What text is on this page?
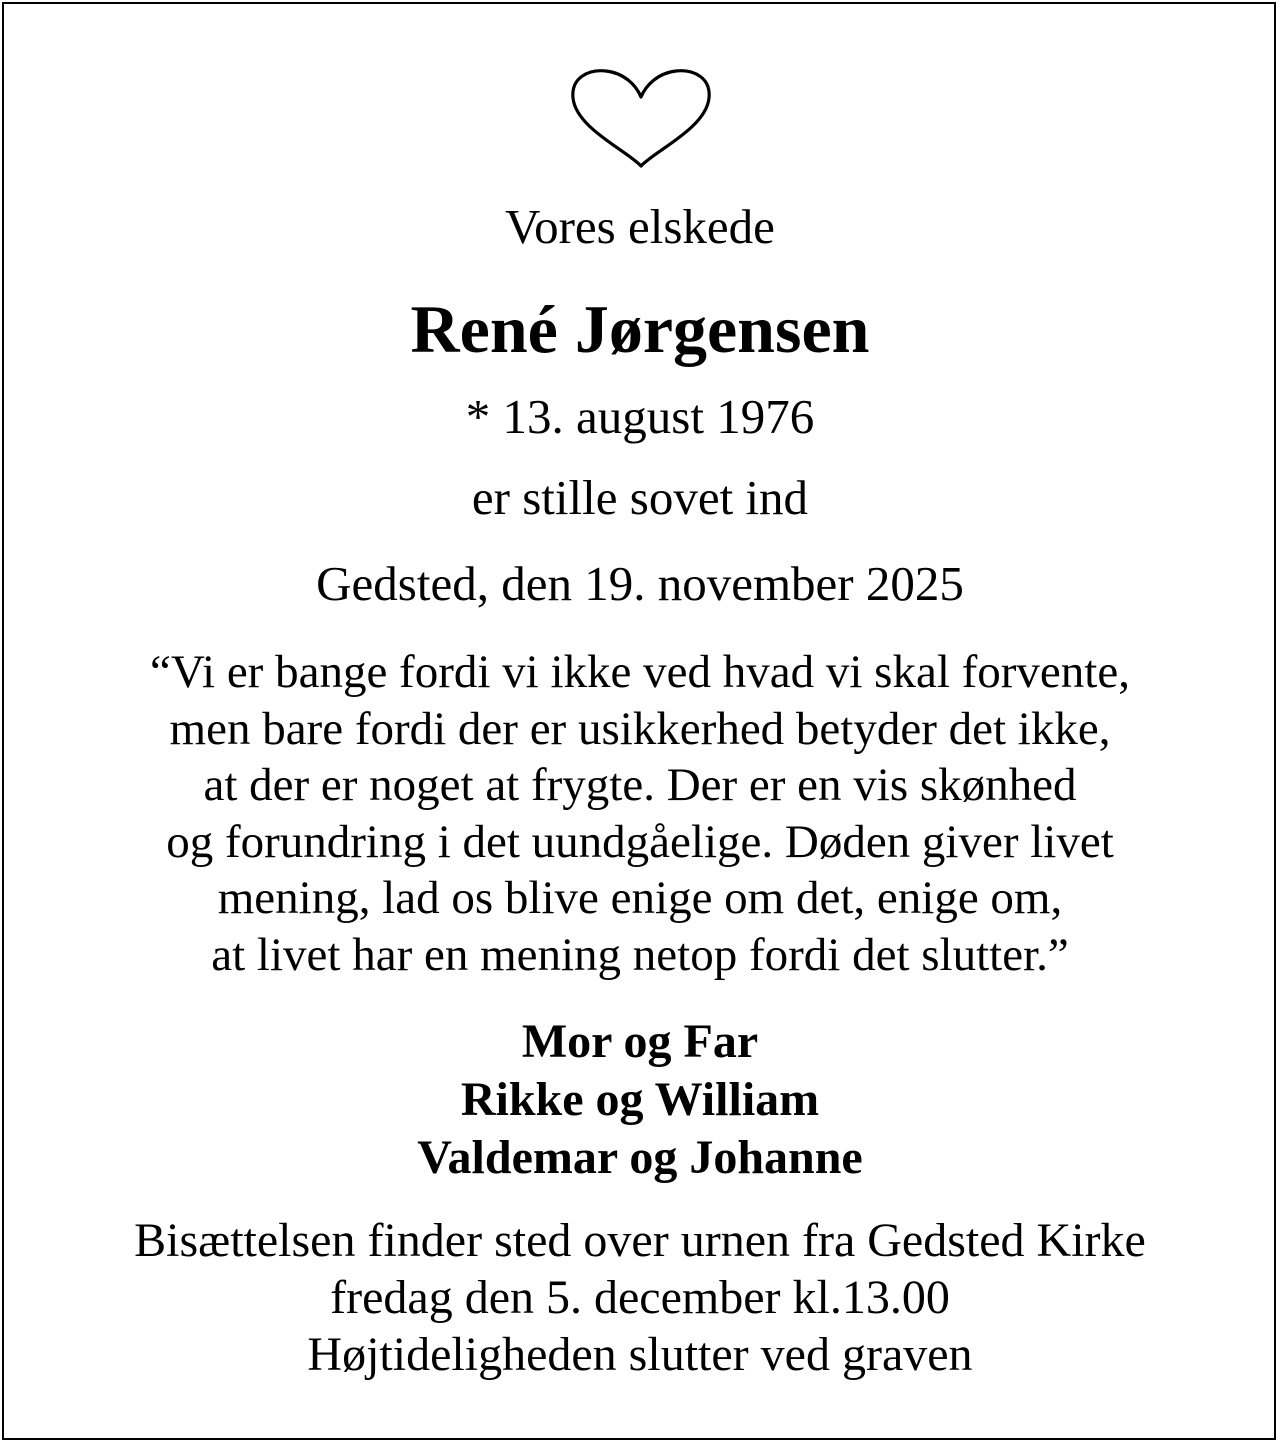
Vores elskede
René Jørgensen
* 13. august 1976
er stille sovet ind
Gedsted, den 19. november 2025
“Vi er bange fordi vi ikke ved hvad vi skal forvente,
men bare fordi der er usikkerhed betyder det ikke,
at der er noget at frygte. Der er en vis skønhed
og forundring i det uundgåelige. Døden giver livet
mening, lad os blive enige om det, enige om,
at livet har en mening netop fordi det slutter.”
Mor og Far
Rikke og William
Valdemar og Johanne
Bisættelsen finder sted over urnen fra Gedsted Kirke
fredag den 5. december kl.13.00
Højtideligheden slutter ved graven
